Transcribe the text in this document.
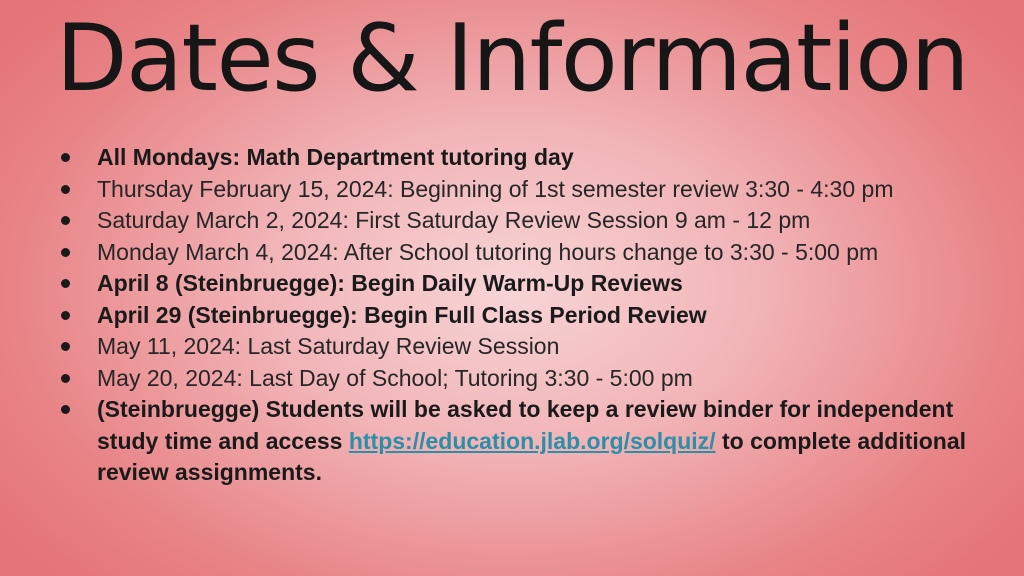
Dates & Information
All Mondays: Math Department tutoring day
Thursday February 15, 2024: Beginning of 1st semester review 3:30 - 4:30 pm
Saturday March 2, 2024: First Saturday Review Session 9 am - 12 pm
Monday March 4, 2024: After School tutoring hours change to 3:30 - 5:00 pm
April 8 (Steinbruegge): Begin Daily Warm-Up Reviews
April 29 (Steinbruegge): Begin Full Class Period Review
May 11, 2024: Last Saturday Review Session
May 20, 2024: Last Day of School; Tutoring 3:30 - 5:00 pm
(Steinbruegge) Students will be asked to keep a review binder for independent study time and access https://education.jlab.org/solquiz/ to complete additional review assignments.
